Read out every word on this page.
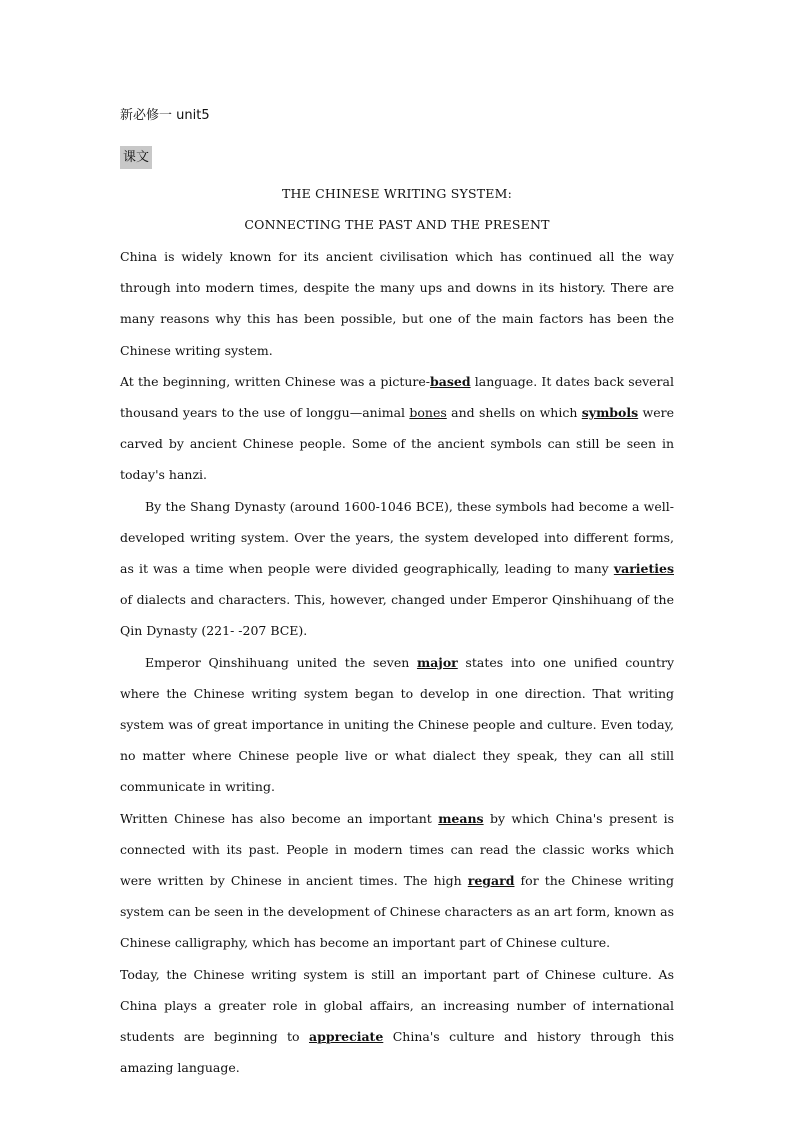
新必修一 unit5
课文
THE CHINESE WRITING SYSTEM:
CONNECTING THE PAST AND THE PRESENT

China is widely known for its ancient civilisation which has continued all the way through into modern times, despite the many ups and downs in its history. There are many reasons why this has been possible, but one of the main factors has been the Chinese writing system.

At the beginning, written Chinese was a picture-based language. It dates back several thousand years to the use of longgu—animal bones and shells on which symbols were carved by ancient Chinese people. Some of the ancient symbols can still be seen in today's hanzi.

By the Shang Dynasty (around 1600-1046 BCE), these symbols had become a well-developed writing system. Over the years, the system developed into different forms, as it was a time when people were divided geographically, leading to many varieties of dialects and characters. This, however, changed under Emperor Qinshihuang of the Qin Dynasty (221- -207 BCE).

Emperor Qinshihuang united the seven major states into one unified country where the Chinese writing system began to develop in one direction. That writing system was of great importance in uniting the Chinese people and culture. Even today, no matter where Chinese people live or what dialect they speak, they can all still communicate in writing.

Written Chinese has also become an important means by which China's present is connected with its past. People in modern times can read the classic works which were written by Chinese in ancient times. The high regard for the Chinese writing system can be seen in the development of Chinese characters as an art form, known as Chinese calligraphy, which has become an important part of Chinese culture.

Today, the Chinese writing system is still an important part of Chinese culture. As China plays a greater role in global affairs, an increasing number of international students are beginning to appreciate China's culture and history through this amazing language.
